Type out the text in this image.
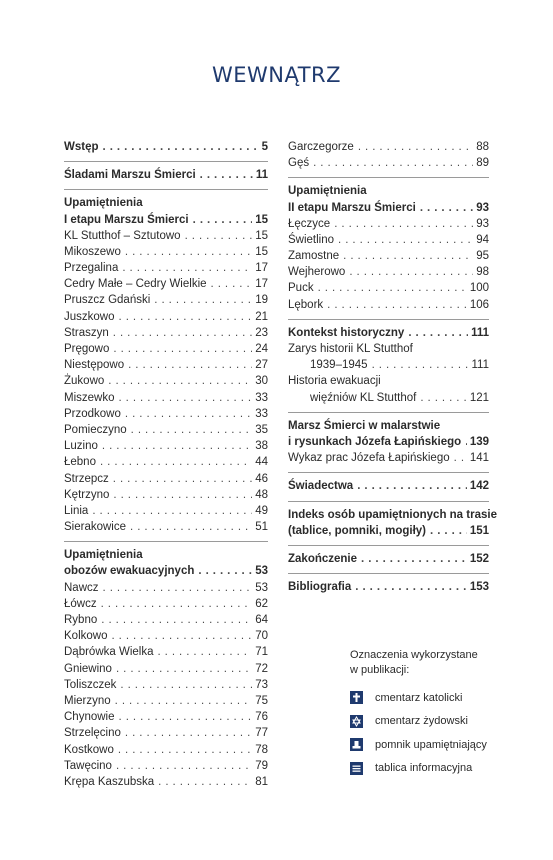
WEWNĄTRZ
Wstęp . . .	5
Śladami Marszu Śmierci . . .	11
Upamiętnienia
I etapu Marszu Śmierci . . .	15
KL Stutthof – Sztutowo . . .	15
Mikoszewo . . .	15
Przegalina . . .	17
Cedry Małe – Cedry Wielkie . . .	17
Pruszcz Gdański . . .	19
Juszkowo . . .	21
Straszyn . . .	23
Pręgowo . . .	24
Niestępowo . . .	27
Żukowo . . .	30
Miszewko . . .	33
Przodkowo . . .	33
Pomieczyno . . .	35
Luzino . . .	38
Łebno . . .	44
Strzepcz . . .	46
Kętrzyno . . .	48
Linia . . .	49
Sierakowice . . .	51
Upamiętnienia
obozów ewakuacyjnych . . .	53
Nawcz . . .	53
Łówcz . . .	62
Rybno . . .	64
Kolkowo . . .	70
Dąbrówka Wielka . . .	71
Gniewino . . .	72
Toliszczek . . .	73
Mierzyno . . .	75
Chynowie . . .	76
Strzelęcino . . .	77
Kostkowo . . .	78
Tawęcino . . .	79
Krępa Kaszubska . . .	81
Garczegorze . . .	88
Gęś . . .	89
Upamiętnienia
II etapu Marszu Śmierci . . .	93
Łęczyce . . .	93
Świetlino . . .	94
Zamostne . . .	95
Wejherowo . . .	98
Puck . . .	100
Lębork . . .	106
Kontekst historyczny . . .	111
Zarys historii KL Stutthof
1939–1945 . . .	111
Historia ewakuacji
więźniów KL Stutthof . . .	121
Marsz Śmierci w malarstwie
i rysunkach Józefa Łapińskiego . . . 139
Wykaz prac Józefa Łapińskiego . . . 141
Świadectwa . . .	142
Indeks osób upamiętnionych na trasie
(tablice, pomniki, mogiły) . . .	151
Zakończenie . . .	152
Bibliografia . . .	153
Oznaczenia wykorzystane
w publikacji:
cmentarz katolicki
cmentarz żydowski
pomnik upamiętniający
tablica informacyjna
